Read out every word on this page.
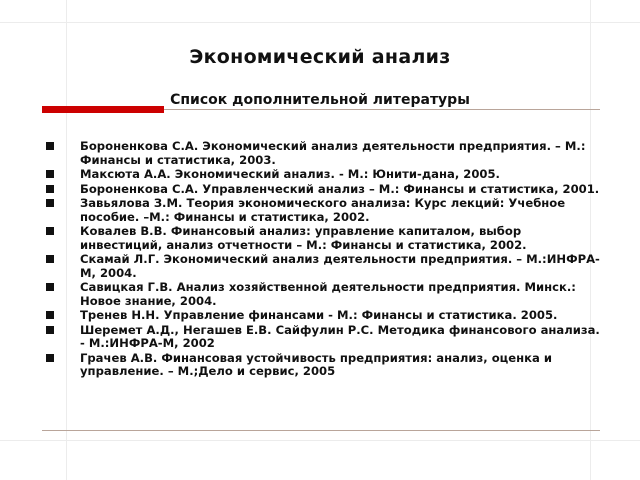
Экономический анализ
Список дополнительной литературы
Бороненкова С.А. Экономический анализ деятельности предприятия. – М.: Финансы и статистика, 2003.
Максюта А.А. Экономический анализ. - М.: Юнити-дана, 2005.
Бороненкова С.А. Управленческий анализ – М.: Финансы и статистика, 2001.
Завьялова З.М. Теория экономического анализа: Курс лекций: Учебное пособие. –М.: Финансы и статистика, 2002.
Ковалев В.В. Финансовый анализ: управление капиталом, выбор инвестиций, анализ отчетности – М.: Финансы и статистика, 2002.
Скамай Л.Г. Экономический анализ деятельности предприятия. – М.:ИНФРА-М, 2004.
Савицкая Г.В. Анализ хозяйственной деятельности предприятия. Минск.: Новое знание, 2004.
Тренев Н.Н. Управление финансами - М.: Финансы и статистика. 2005.
Шеремет А.Д., Негашев Е.В. Сайфулин Р.С. Методика финансового анализа. - М.:ИНФРА-М, 2002
Грачев А.В. Финансовая устойчивость предприятия: анализ, оценка и управление. – М.;Дело и сервис, 2005
